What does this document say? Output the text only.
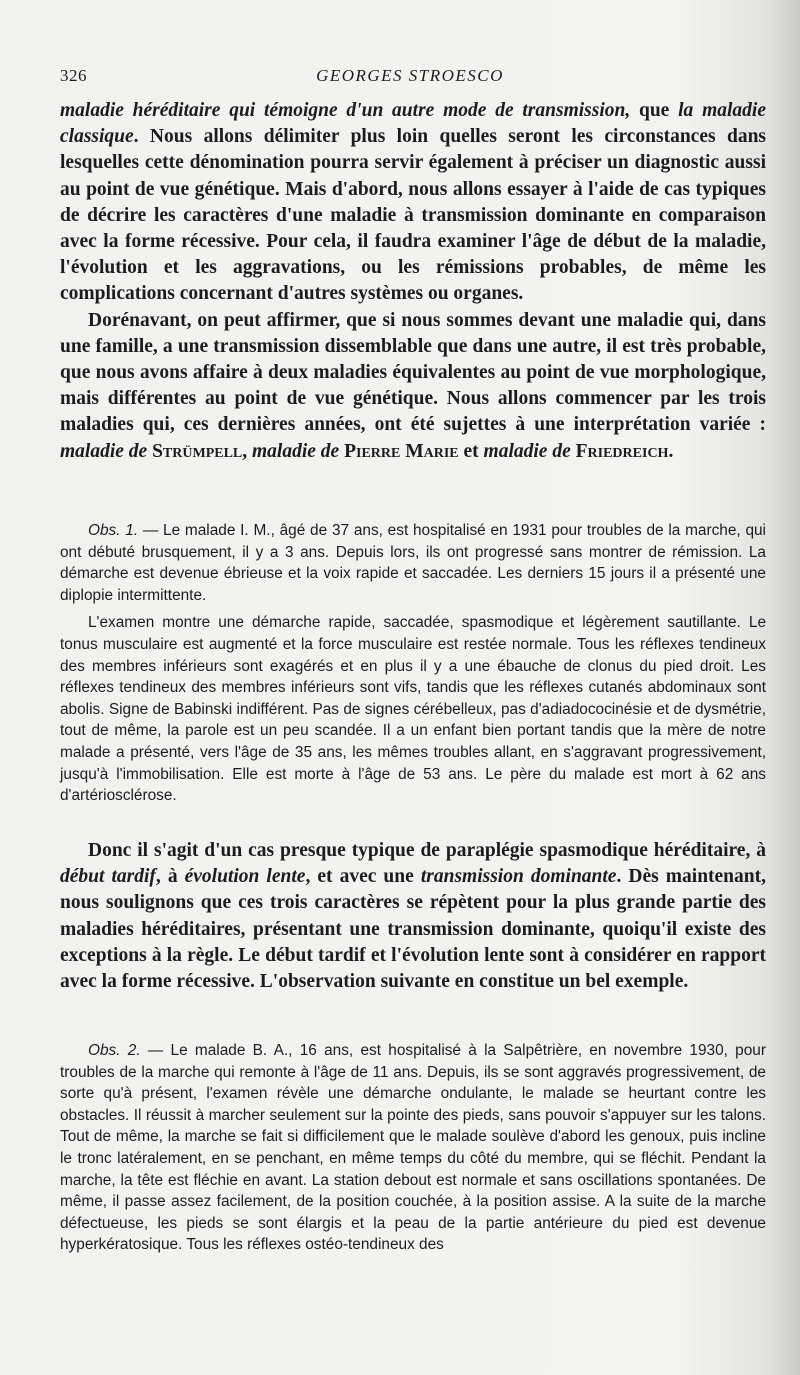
326	GEORGES STROESCO

maladie héréditaire qui témoigne d'un autre mode de transmission, que la maladie classique. Nous allons délimiter plus loin quelles seront les circonstances dans lesquelles cette dénomination pourra servir également à préciser un diagnostic aussi au point de vue génétique. Mais d'abord, nous allons essayer à l'aide de cas typiques de décrire les caractères d'une maladie à transmission dominante en comparaison avec la forme récessive. Pour cela, il faudra examiner l'âge de début de la maladie, l'évolution et les aggravations, ou les rémissions probables, de même les complications concernant d'autres systèmes ou organes.

Dorénavant, on peut affirmer, que si nous sommes devant une maladie qui, dans une famille, a une transmission dissemblable que dans une autre, il est très probable, que nous avons affaire à deux maladies équivalentes au point de vue morphologique, mais différentes au point de vue génétique. Nous allons commencer par les trois maladies qui, ces dernières années, ont été sujettes à une interprétation variée : maladie de Strümpell, maladie de Pierre Marie et maladie de Friedreich.

Obs. 1. — Le malade I. M., âgé de 37 ans, est hospitalisé en 1931 pour troubles de la marche, qui ont débuté brusquement, il y a 3 ans. Depuis lors, ils ont progressé sans montrer de rémission. La démarche est devenue ébrieuse et la voix rapide et saccadée. Les derniers 15 jours il a présenté une diplopie intermittente.

L'examen montre une démarche rapide, saccadée, spasmodique et légèrement sautillante. Le tonus musculaire est augmenté et la force musculaire est restée normale. Tous les réflexes tendineux des membres inférieurs sont exagérés et en plus il y a une ébauche de clonus du pied droit. Les réflexes tendineux des membres inférieurs sont vifs, tandis que les réflexes cutanés abdominaux sont abolis. Signe de Babinski indifférent. Pas de signes cérébelleux, pas d'adiadococinésie et de dysmétrie, tout de même, la parole est un peu scandée. Il a un enfant bien portant tandis que la mère de notre malade a présenté, vers l'âge de 35 ans, les mêmes troubles allant, en s'aggravant progressivement, jusqu'à l'immobilisation. Elle est morte à l'âge de 53 ans. Le père du malade est mort à 62 ans d'artériosclérose.

Donc il s'agit d'un cas presque typique de paraplégie spasmodique héréditaire, à début tardif, à évolution lente, et avec une transmission dominante. Dès maintenant, nous soulignons que ces trois caractères se répètent pour la plus grande partie des maladies héréditaires, présentant une transmission dominante, quoiqu'il existe des exceptions à la règle. Le début tardif et l'évolution lente sont à considérer en rapport avec la forme récessive. L'observation suivante en constitue un bel exemple.

Obs. 2. — Le malade B. A., 16 ans, est hospitalisé à la Salpêtrière, en novembre 1930, pour troubles de la marche qui remonte à l'âge de 11 ans. Depuis, ils se sont aggravés progressivement, de sorte qu'à présent, l'examen révèle une démarche ondulante, le malade se heurtant contre les obstacles. Il réussit à marcher seulement sur la pointe des pieds, sans pouvoir s'appuyer sur les talons. Tout de même, la marche se fait si difficilement que le malade soulève d'abord les genoux, puis incline le tronc latéralement, en se penchant, en même temps du côté du membre, qui se fléchit. Pendant la marche, la tête est fléchie en avant. La station debout est normale et sans oscillations spontanées. De même, il passe assez facilement, de la position couchée, à la position assise. A la suite de la marche défectueuse, les pieds se sont élargis et la peau de la partie antérieure du pied est devenue hyperkératosique. Tous les réflexes ostéo-tendineux des
